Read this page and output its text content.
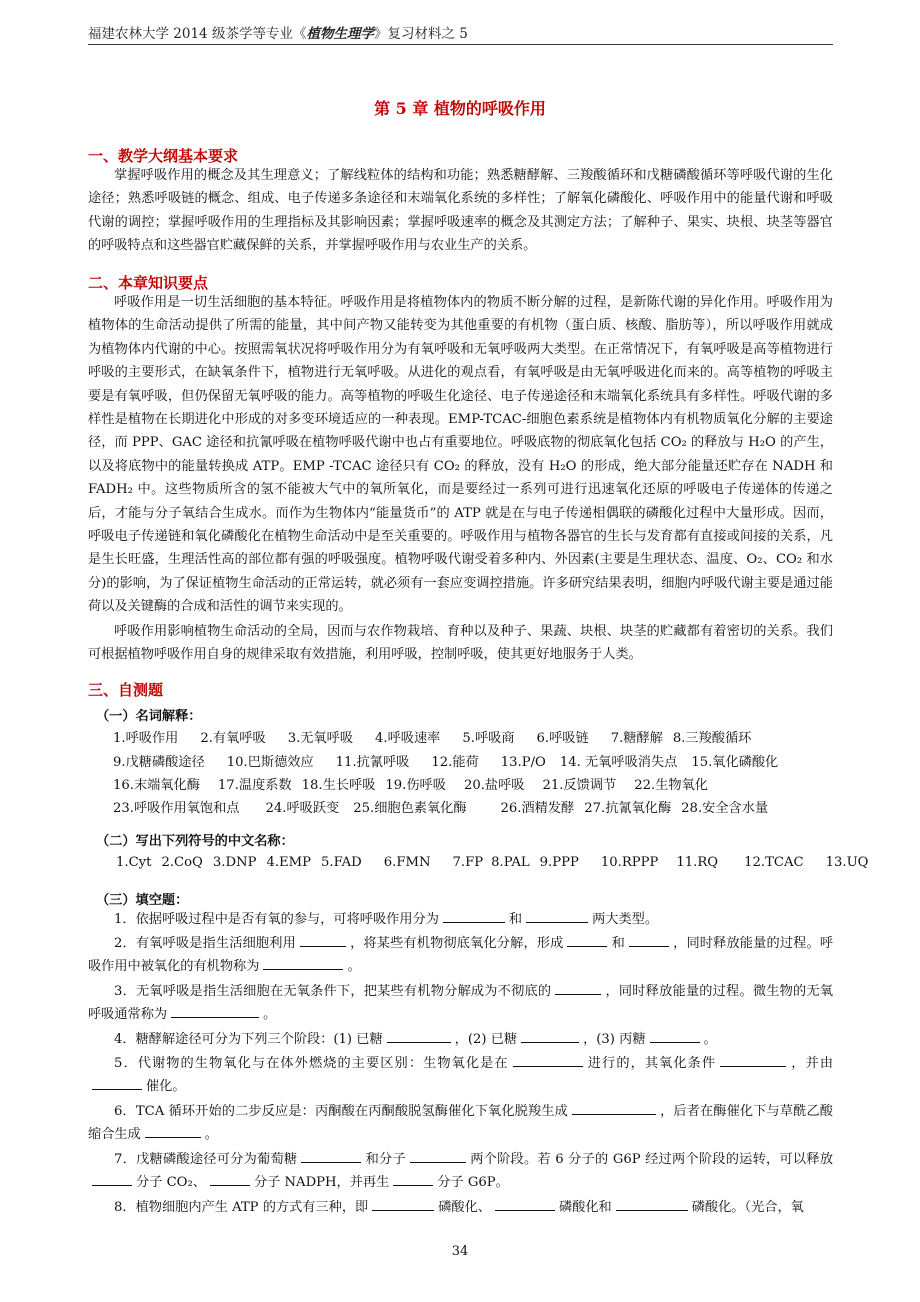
福建农林大学 2014 级茶学等专业《植物生理学》复习材料之 5
第 5 章 植物的呼吸作用
一、教学大纲基本要求
掌握呼吸作用的概念及其生理意义；了解线粒体的结构和功能；熟悉糖酵解、三羧酸循环和戊糖磷酸循环等呼吸代谢的生化途径；熟悉呼吸链的概念、组成、电子传递多条途径和末端氧化系统的多样性；了解氧化磷酸化、呼吸作用中的能量代谢和呼吸代谢的调控；掌握呼吸作用的生理指标及其影响因素；掌握呼吸速率的概念及其测定方法；了解种子、果实、块根、块茎等器官的呼吸特点和这些器官贮藏保鲜的关系，并掌握呼吸作用与农业生产的关系。
二、本章知识要点
呼吸作用是一切生活细胞的基本特征。呼吸作用是将植物体内的物质不断分解的过程，是新陈代谢的异化作用。呼吸作用为植物体的生命活动提供了所需的能量，其中间产物又能转变为其他重要的有机物（蛋白质、核酸、脂肪等），所以呼吸作用就成为植物体内代谢的中心。按照需氧状况将呼吸作用分为有氧呼吸和无氧呼吸两大类型。在正常情况下，有氧呼吸是高等植物进行呼吸的主要形式，在缺氧条件下，植物进行无氧呼吸。从进化的观点看，有氧呼吸是由无氧呼吸进化而来的。高等植物的呼吸主要是有氧呼吸，但仍保留无氧呼吸的能力。高等植物的呼吸生化途径、电子传递途径和末端氧化系统具有多样性。呼吸代谢的多样性是植物在长期进化中形成的对多变环境适应的一种表现。EMP-TCAC-细胞色素系统是植物体内有机物质氧化分解的主要途径，而 PPP、GAC 途径和抗氰呼吸在植物呼吸代谢中也占有重要地位。呼吸底物的彻底氧化包括 CO₂ 的释放与 H₂O 的产生，以及将底物中的能量转换成 ATP。EMP -TCAC 途径只有 CO₂ 的释放，没有 H₂O 的形成，绝大部分能量还贮存在 NADH 和 FADH₂ 中。这些物质所含的氢不能被大气中的氧所氧化，而是要经过一系列可进行迅速氧化还原的呼吸电子传递体的传递之后，才能与分子氧结合生成水。而作为生物体内“能量货币”的 ATP 就是在与电子传递相偶联的磷酸化过程中大量形成。因而，呼吸电子传递链和氧化磷酸化在植物生命活动中是至关重要的。呼吸作用与植物各器官的生长与发育都有直接或间接的关系，凡是生长旺盛，生理活性高的部位都有强的呼吸强度。植物呼吸代谢受着多种内、外因素(主要是生理状态、温度、O₂、CO₂ 和水分)的影响，为了保证植物生命活动的正常运转，就必须有一套应变调控措施。许多研究结果表明，细胞内呼吸代谢主要是通过能荷以及关键酶的合成和活性的调节来实现的。
呼吸作用影响植物生命活动的全局，因而与农作物栽培、育种以及种子、果蔬、块根、块茎的贮藏都有着密切的关系。我们可根据植物呼吸作用自身的规律采取有效措施，利用呼吸，控制呼吸，使其更好地服务于人类。
三、自测题
（一）名词解释：
1.呼吸作用 2.有氧呼吸 3.无氧呼吸 4.呼吸速率 5.呼吸商 6.呼吸链 7.糖酵解 8.三羧酸循环
9.戊糖磷酸途径 10.巴斯德效应 11.抗氰呼吸 12.能荷 13.P/O 14. 无氧呼吸消失点 15.氧化磷酸化
16.末端氧化酶 17.温度系数 18.生长呼吸 19.伤呼吸 20.盐呼吸 21.反馈调节 22.生物氧化
23.呼吸作用氧饱和点 24.呼吸跃变 25.细胞色素氧化酶	26.酒精发酵 27.抗氰氧化酶 28.安全含水量
（二）写出下列符号的中文名称：
1.Cyt 2.CoQ 3.DNP 4.EMP 5.FAD 6.FMN 7.FP 8.PAL 9.PPP 10.RPPP 11.RQ 12.TCAC 13.UQ
（三）填空题：
1．依据呼吸过程中是否有氧的参与，可将呼吸作用分为	和	两大类型。
2．有氧呼吸是指生活细胞利用	，将某些有机物彻底氧化分解，形成	和	，同时释放能量的过程。呼吸作用中被氧化的有机物称为	。
3．无氧呼吸是指生活细胞在无氧条件下，把某些有机物分解成为不彻底的	，同时释放能量的过程。微生物的无氧呼吸通常称为	。
4．糖酵解途径可分为下列三个阶段：(1) 已糖	，(2) 已糖	，(3) 丙糖	。
5．代谢物的生物氧化与在体外燃烧的主要区别：生物氧化是在	进行的，其氧化条件	，并由催化。
6．TCA 循环开始的二步反应是：丙酮酸在丙酮酸脱氢酶催化下氧化脱羧生成	，后者在酶催化下与草酰乙酸缩合生成	。
7．戊糖磷酸途径可分为葡萄糖	和分子	两个阶段。若 6 分子的 G6P 经过两个阶段的运转，可以释放分子 CO₂、	分子 NADPH，并再生	分子 G6P。
8．植物细胞内产生 ATP 的方式有三种，即	磷酸化、	磷酸化和	磷酸化。（光合，氧
34
